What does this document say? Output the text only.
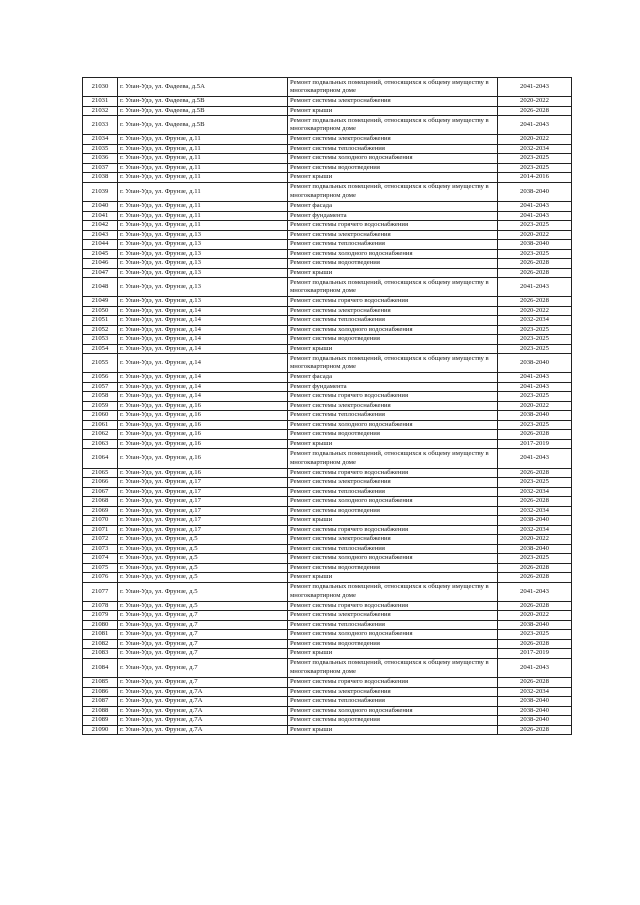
21030	г. Улан-Удэ, ул. Фадеева, д.5А	Ремонт подвальных помещений, относящихся к общему имуществу в многоквартирном доме	2041-2043
21031	г. Улан-Удэ, ул. Фадеева, д.5В	Ремонт системы электроснабжения	2020-2022
21032	г. Улан-Удэ, ул. Фадеева, д.5В	Ремонт крыши	2026-2028
21033	г. Улан-Удэ, ул. Фадеева, д.5В	Ремонт подвальных помещений, относящихся к общему имуществу в многоквартирном доме	2041-2043
21034	г. Улан-Удэ, ул. Фрунзе, д.11	Ремонт системы электроснабжения	2020-2022
21035	г. Улан-Удэ, ул. Фрунзе, д.11	Ремонт системы теплоснабжения	2032-2034
21036	г. Улан-Удэ, ул. Фрунзе, д.11	Ремонт системы холодного водоснабжения	2023-2025
21037	г. Улан-Удэ, ул. Фрунзе, д.11	Ремонт системы водоотведения	2023-2025
21038	г. Улан-Удэ, ул. Фрунзе, д.11	Ремонт крыши	2014-2016
21039	г. Улан-Удэ, ул. Фрунзе, д.11	Ремонт подвальных помещений, относящихся к общему имуществу в многоквартирном доме	2038-2040
21040	г. Улан-Удэ, ул. Фрунзе, д.11	Ремонт фасада	2041-2043
21041	г. Улан-Удэ, ул. Фрунзе, д.11	Ремонт фундамента	2041-2043
21042	г. Улан-Удэ, ул. Фрунзе, д.11	Ремонт системы горячего водоснабжения	2023-2025
21043	г. Улан-Удэ, ул. Фрунзе, д.13	Ремонт системы электроснабжения	2020-2022
21044	г. Улан-Удэ, ул. Фрунзе, д.13	Ремонт системы теплоснабжения	2038-2040
21045	г. Улан-Удэ, ул. Фрунзе, д.13	Ремонт системы холодного водоснабжения	2023-2025
21046	г. Улан-Удэ, ул. Фрунзе, д.13	Ремонт системы водоотведения	2026-2028
21047	г. Улан-Удэ, ул. Фрунзе, д.13	Ремонт крыши	2026-2028
21048	г. Улан-Удэ, ул. Фрунзе, д.13	Ремонт подвальных помещений, относящихся к общему имуществу в многоквартирном доме	2041-2043
21049	г. Улан-Удэ, ул. Фрунзе, д.13	Ремонт системы горячего водоснабжения	2026-2028
21050	г. Улан-Удэ, ул. Фрунзе, д.14	Ремонт системы электроснабжения	2020-2022
21051	г. Улан-Удэ, ул. Фрунзе, д.14	Ремонт системы теплоснабжения	2032-2034
21052	г. Улан-Удэ, ул. Фрунзе, д.14	Ремонт системы холодного водоснабжения	2023-2025
21053	г. Улан-Удэ, ул. Фрунзе, д.14	Ремонт системы водоотведения	2023-2025
21054	г. Улан-Удэ, ул. Фрунзе, д.14	Ремонт крыши	2023-2025
21055	г. Улан-Удэ, ул. Фрунзе, д.14	Ремонт подвальных помещений, относящихся к общему имуществу в многоквартирном доме	2038-2040
21056	г. Улан-Удэ, ул. Фрунзе, д.14	Ремонт фасада	2041-2043
21057	г. Улан-Удэ, ул. Фрунзе, д.14	Ремонт фундамента	2041-2043
21058	г. Улан-Удэ, ул. Фрунзе, д.14	Ремонт системы горячего водоснабжения	2023-2025
21059	г. Улан-Удэ, ул. Фрунзе, д.16	Ремонт системы электроснабжения	2020-2022
21060	г. Улан-Удэ, ул. Фрунзе, д.16	Ремонт системы теплоснабжения	2038-2040
21061	г. Улан-Удэ, ул. Фрунзе, д.16	Ремонт системы холодного водоснабжения	2023-2025
21062	г. Улан-Удэ, ул. Фрунзе, д.16	Ремонт системы водоотведения	2026-2028
21063	г. Улан-Удэ, ул. Фрунзе, д.16	Ремонт крыши	2017-2019
21064	г. Улан-Удэ, ул. Фрунзе, д.16	Ремонт подвальных помещений, относящихся к общему имуществу в многоквартирном доме	2041-2043
21065	г. Улан-Удэ, ул. Фрунзе, д.16	Ремонт системы горячего водоснабжения	2026-2028
21066	г. Улан-Удэ, ул. Фрунзе, д.17	Ремонт системы электроснабжения	2023-2025
21067	г. Улан-Удэ, ул. Фрунзе, д.17	Ремонт системы теплоснабжения	2032-2034
21068	г. Улан-Удэ, ул. Фрунзе, д.17	Ремонт системы холодного водоснабжения	2026-2028
21069	г. Улан-Удэ, ул. Фрунзе, д.17	Ремонт системы водоотведения	2032-2034
21070	г. Улан-Удэ, ул. Фрунзе, д.17	Ремонт крыши	2038-2040
21071	г. Улан-Удэ, ул. Фрунзе, д.17	Ремонт системы горячего водоснабжения	2032-2034
21072	г. Улан-Удэ, ул. Фрунзе, д.5	Ремонт системы электроснабжения	2020-2022
21073	г. Улан-Удэ, ул. Фрунзе, д.5	Ремонт системы теплоснабжения	2038-2040
21074	г. Улан-Удэ, ул. Фрунзе, д.5	Ремонт системы холодного водоснабжения	2023-2025
21075	г. Улан-Удэ, ул. Фрунзе, д.5	Ремонт системы водоотведения	2026-2028
21076	г. Улан-Удэ, ул. Фрунзе, д.5	Ремонт крыши	2026-2028
21077	г. Улан-Удэ, ул. Фрунзе, д.5	Ремонт подвальных помещений, относящихся к общему имуществу в многоквартирном доме	2041-2043
21078	г. Улан-Удэ, ул. Фрунзе, д.5	Ремонт системы горячего водоснабжения	2026-2028
21079	г. Улан-Удэ, ул. Фрунзе, д.7	Ремонт системы электроснабжения	2020-2022
21080	г. Улан-Удэ, ул. Фрунзе, д.7	Ремонт системы теплоснабжения	2038-2040
21081	г. Улан-Удэ, ул. Фрунзе, д.7	Ремонт системы холодного водоснабжения	2023-2025
21082	г. Улан-Удэ, ул. Фрунзе, д.7	Ремонт системы водоотведения	2026-2028
21083	г. Улан-Удэ, ул. Фрунзе, д.7	Ремонт крыши	2017-2019
21084	г. Улан-Удэ, ул. Фрунзе, д.7	Ремонт подвальных помещений, относящихся к общему имуществу в многоквартирном доме	2041-2043
21085	г. Улан-Удэ, ул. Фрунзе, д.7	Ремонт системы горячего водоснабжения	2026-2028
21086	г. Улан-Удэ, ул. Фрунзе, д.7А	Ремонт системы электроснабжения	2032-2034
21087	г. Улан-Удэ, ул. Фрунзе, д.7А	Ремонт системы теплоснабжения	2038-2040
21088	г. Улан-Удэ, ул. Фрунзе, д.7А	Ремонт системы холодного водоснабжения	2038-2040
21089	г. Улан-Удэ, ул. Фрунзе, д.7А	Ремонт системы водоотведения	2038-2040
21090	г. Улан-Удэ, ул. Фрунзе, д.7А	Ремонт крыши	2026-2028
